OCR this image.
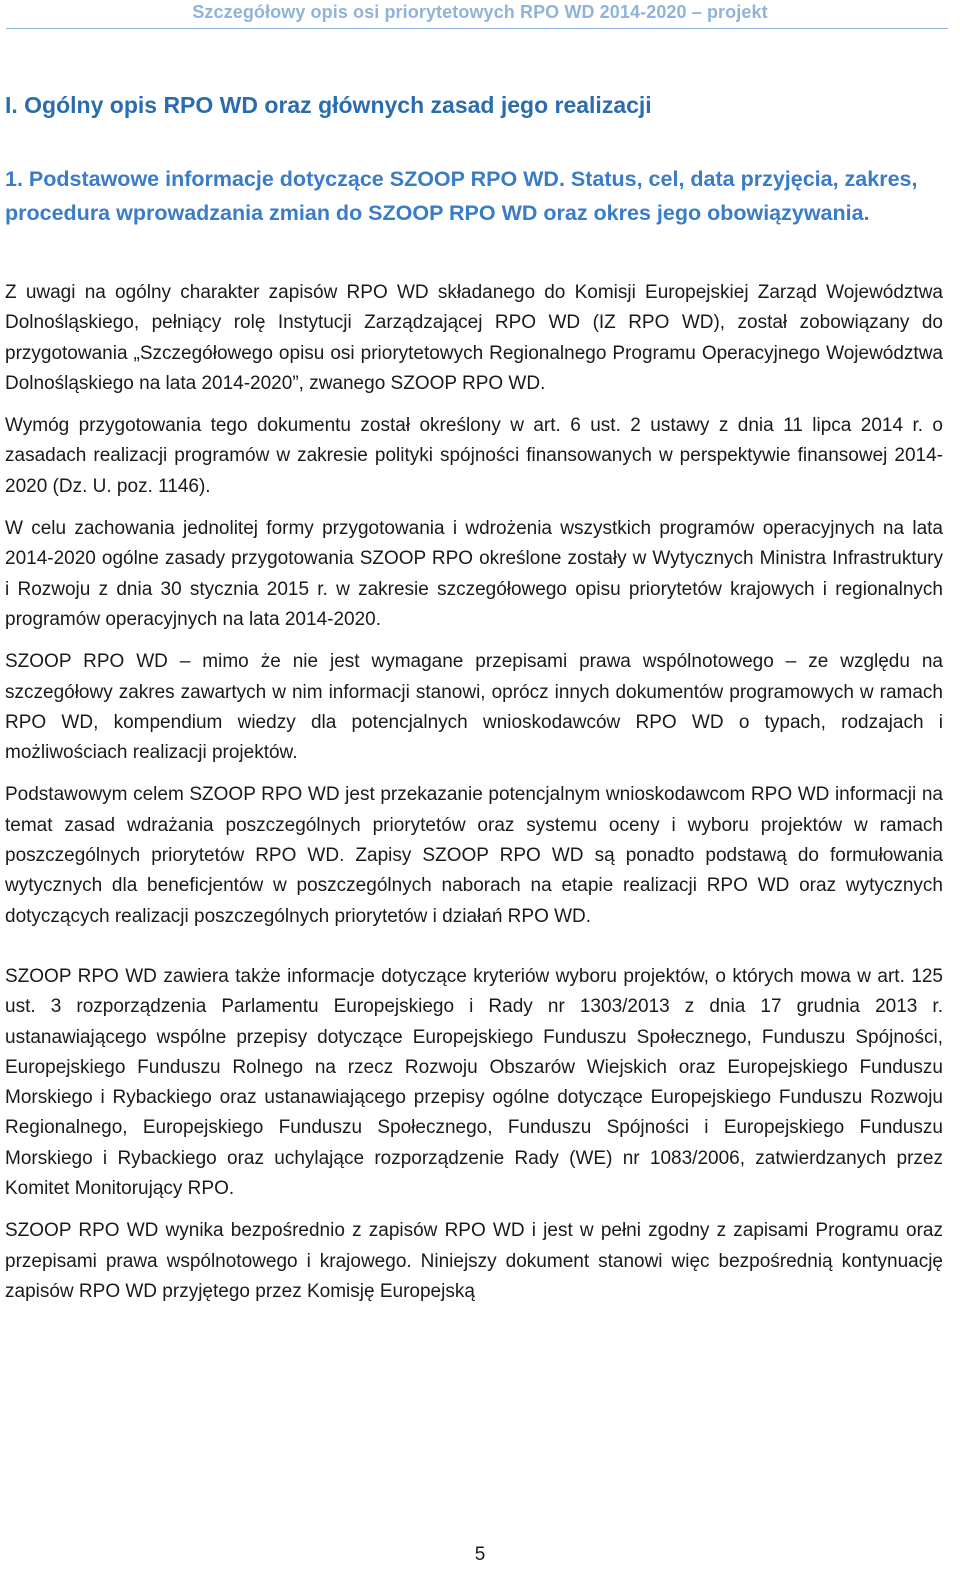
Szczegółowy opis osi priorytetowych RPO WD 2014-2020 – projekt
I. Ogólny opis RPO WD oraz głównych zasad jego realizacji
1. Podstawowe informacje dotyczące SZOOP RPO WD. Status, cel, data przyjęcia, zakres, procedura wprowadzania zmian do SZOOP RPO WD oraz okres jego obowiązywania.

Z uwagi na ogólny charakter zapisów RPO WD składanego do Komisji Europejskiej Zarząd Województwa Dolnośląskiego, pełniący rolę Instytucji Zarządzającej RPO WD (IZ RPO WD), został zobowiązany do przygotowania „Szczegółowego opisu osi priorytetowych Regionalnego Programu Operacyjnego Województwa Dolnośląskiego na lata 2014-2020”, zwanego SZOOP RPO WD.

Wymóg przygotowania tego dokumentu został określony w art. 6 ust. 2 ustawy z dnia 11 lipca 2014 r. o zasadach realizacji programów w zakresie polityki spójności finansowanych w perspektywie finansowej 2014-2020 (Dz. U. poz. 1146).

W celu zachowania jednolitej formy przygotowania i wdrożenia wszystkich programów operacyjnych na lata 2014-2020 ogólne zasady przygotowania SZOOP RPO określone zostały w Wytycznych Ministra Infrastruktury i Rozwoju z dnia 30 stycznia 2015 r. w zakresie szczegółowego opisu priorytetów krajowych i regionalnych programów operacyjnych na lata 2014-2020.

SZOOP RPO WD – mimo że nie jest wymagane przepisami prawa wspólnotowego – ze względu na szczegółowy zakres zawartych w nim informacji stanowi, oprócz innych dokumentów programowych w ramach RPO WD, kompendium wiedzy dla potencjalnych wnioskodawców RPO WD o typach, rodzajach i możliwościach realizacji projektów.

Podstawowym celem SZOOP RPO WD jest przekazanie potencjalnym wnioskodawcom RPO WD informacji na temat zasad wdrażania poszczególnych priorytetów oraz systemu oceny i wyboru projektów w ramach poszczególnych priorytetów RPO WD. Zapisy SZOOP RPO WD są ponadto podstawą do formułowania wytycznych dla beneficjentów w poszczególnych naborach na etapie realizacji RPO WD oraz wytycznych dotyczących realizacji poszczególnych priorytetów i działań RPO WD.

SZOOP RPO WD zawiera także informacje dotyczące kryteriów wyboru projektów, o których mowa w art. 125 ust. 3 rozporządzenia Parlamentu Europejskiego i Rady nr 1303/2013 z dnia 17 grudnia 2013 r. ustanawiającego wspólne przepisy dotyczące Europejskiego Funduszu Społecznego, Funduszu Spójności, Europejskiego Funduszu Rolnego na rzecz Rozwoju Obszarów Wiejskich oraz Europejskiego Funduszu Morskiego i Rybackiego oraz ustanawiającego przepisy ogólne dotyczące Europejskiego Funduszu Rozwoju Regionalnego, Europejskiego Funduszu Społecznego, Funduszu Spójności i Europejskiego Funduszu Morskiego i Rybackiego oraz uchylające rozporządzenie Rady (WE) nr 1083/2006, zatwierdzanych przez Komitet Monitorujący RPO.

SZOOP RPO WD wynika bezpośrednio z zapisów RPO WD i jest w pełni zgodny z zapisami Programu oraz przepisami prawa wspólnotowego i krajowego. Niniejszy dokument stanowi więc bezpośrednią kontynuację zapisów RPO WD przyjętego przez Komisję Europejską

5
